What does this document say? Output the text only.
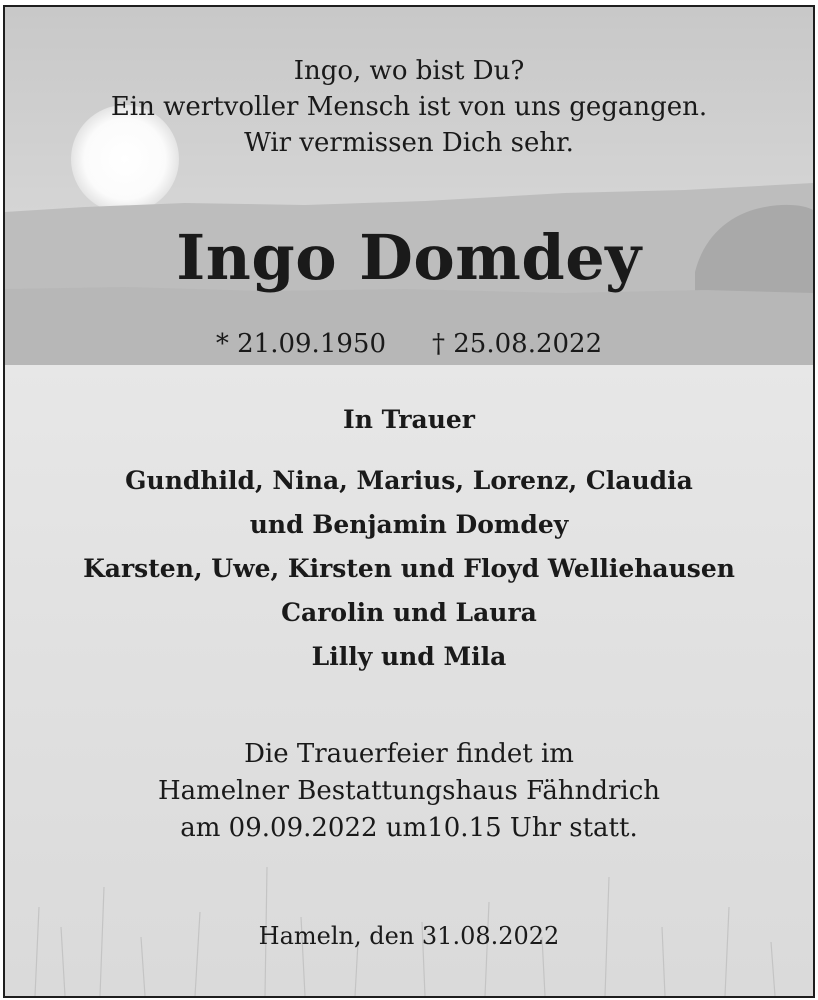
Ingo, wo bist Du?
Ein wertvoller Mensch ist von uns gegangen.
Wir vermissen Dich sehr.
Ingo Domdey
* 21.09.1950 † 25.08.2022
In Trauer
Gundhild, Nina, Marius, Lorenz, Claudia
und Benjamin Domdey
Karsten, Uwe, Kirsten und Floyd Welliehausen
Carolin und Laura
Lilly und Mila
Die Trauerfeier findet im
Hamelner Bestattungshaus Fähndrich
am 09.09.2022 um10.15 Uhr statt.
Hameln, den 31.08.2022
